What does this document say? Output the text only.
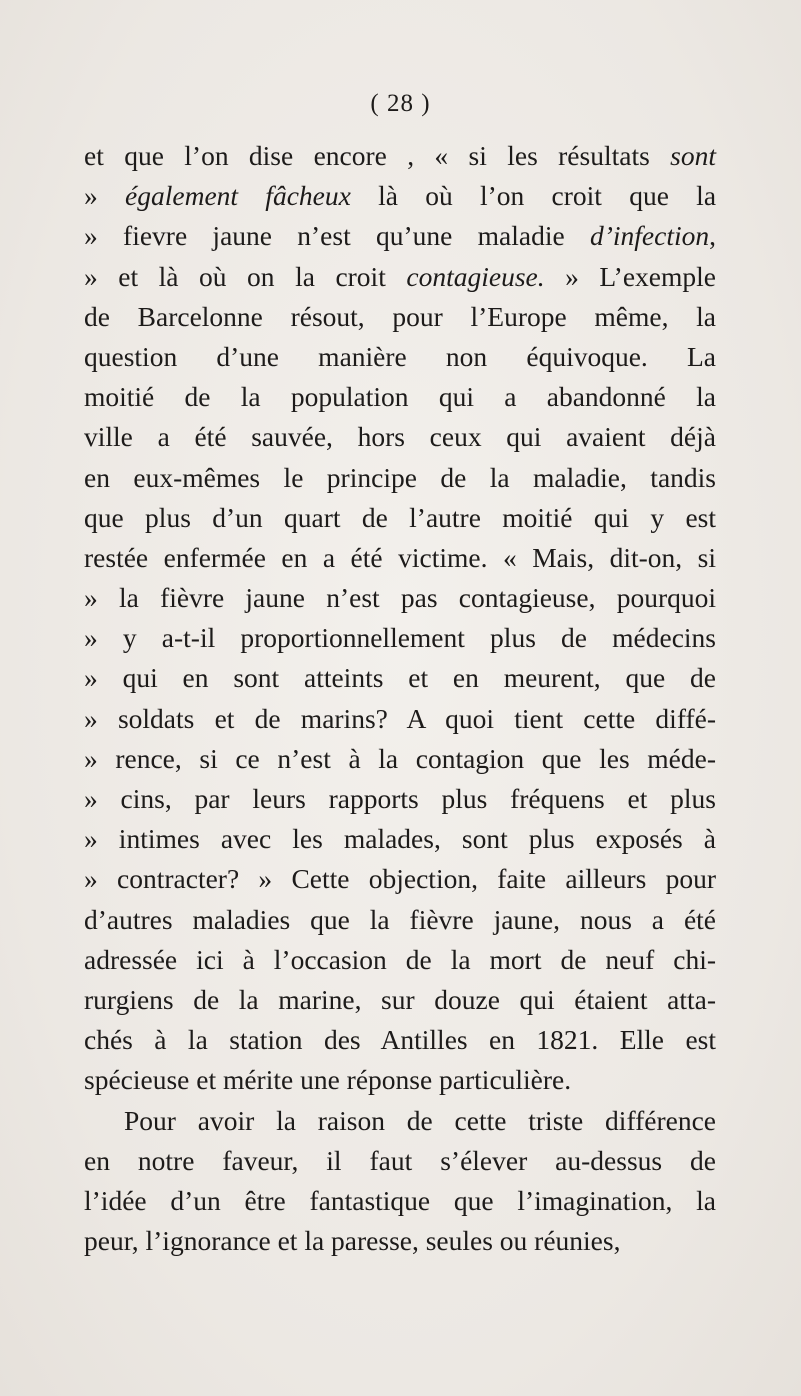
( 28 )
et que l’on dise encore , « si les résultats sont
» également fâcheux là où l’on croit que la
» fievre jaune n’est qu’une maladie d’infection,
» et là où on la croit contagieuse. » L’exemple
de Barcelonne résout, pour l’Europe même, la
question d’une manière non équivoque. La
moitié de la population qui a abandonné la
ville a été sauvée, hors ceux qui avaient déjà
en eux-mêmes le principe de la maladie, tandis
que plus d’un quart de l’autre moitié qui y est
restée enfermée en a été victime. « Mais, dit-on, si
» la fièvre jaune n’est pas contagieuse, pourquoi
» y a-t-il proportionnellement plus de médecins
» qui en sont atteints et en meurent, que de
» soldats et de marins? A quoi tient cette diffé-
» rence, si ce n’est à la contagion que les méde-
» cins, par leurs rapports plus fréquens et plus
» intimes avec les malades, sont plus exposés à
» contracter? » Cette objection, faite ailleurs pour
d’autres maladies que la fièvre jaune, nous a été
adressée ici à l’occasion de la mort de neuf chi-
rurgiens de la marine, sur douze qui étaient atta-
chés à la station des Antilles en 1821. Elle est
spécieuse et mérite une réponse particulière.
Pour avoir la raison de cette triste différence
en notre faveur, il faut s’élever au-dessus de
l’idée d’un être fantastique que l’imagination, la
peur, l’ignorance et la paresse, seules ou réunies,
